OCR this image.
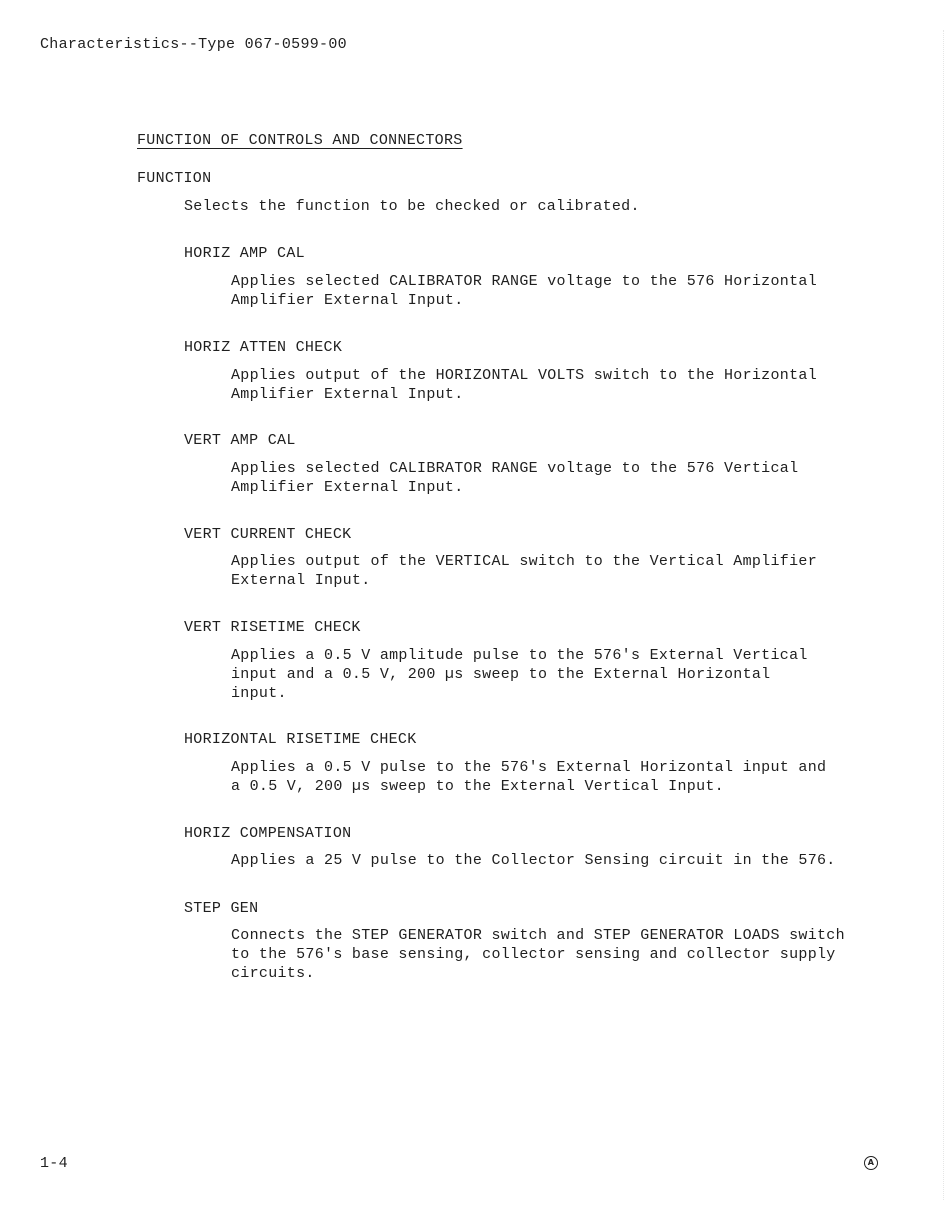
Characteristics--Type 067-0599-00
FUNCTION OF CONTROLS AND CONNECTORS
FUNCTION
Selects the function to be checked or calibrated.
HORIZ AMP CAL
Applies selected CALIBRATOR RANGE voltage to the 576 Horizontal
Amplifier External Input.
HORIZ ATTEN CHECK
Applies output of the HORIZONTAL VOLTS switch to the Horizontal
Amplifier External Input.
VERT AMP CAL
Applies selected CALIBRATOR RANGE voltage to the 576 Vertical
Amplifier External Input.
VERT CURRENT CHECK
Applies output of the VERTICAL switch to the Vertical Amplifier
External Input.
VERT RISETIME CHECK
Applies a 0.5 V amplitude pulse to the 576's External Vertical
input and a 0.5 V, 200 µs sweep to the External Horizontal
input.
HORIZONTAL RISETIME CHECK
Applies a 0.5 V pulse to the 576's External Horizontal input and
a 0.5 V, 200 µs sweep to the External Vertical Input.
HORIZ COMPENSATION
Applies a 25 V pulse to the Collector Sensing circuit in the 576.
STEP GEN
Connects the STEP GENERATOR switch and STEP GENERATOR LOADS switch
to the 576's base sensing, collector sensing and collector supply
circuits.
1-4	A
